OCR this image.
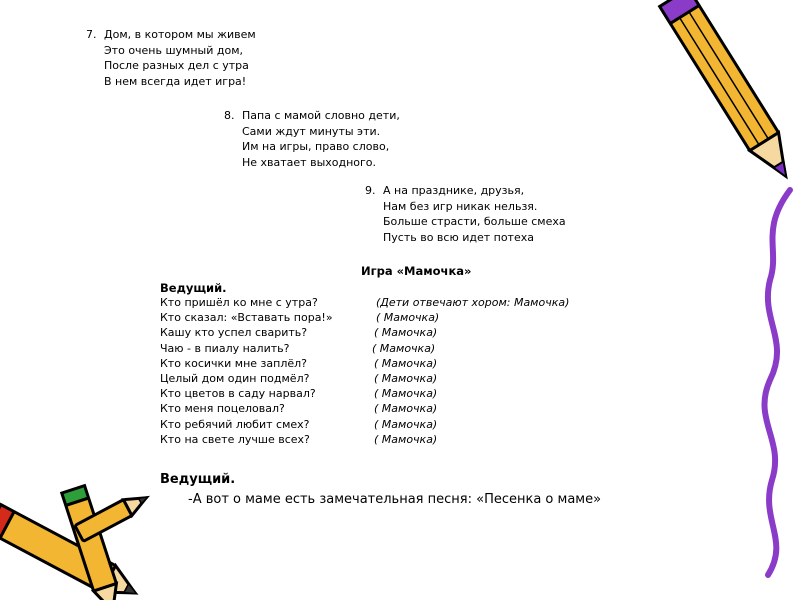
7. Дом, в котором мы живем
Это очень шумный дом,
После разных дел с утра
В нем всегда идет игра!
8. Папа с мамой словно дети,
Сами ждут минуты эти.
Им на игры, право слово,
Не хватает выходного.
9. А на празднике, друзья,
Нам без игр никак нельзя.
Больше страсти, больше смеха
Пусть во всю идет потеха
Игра «Мамочка»
Ведущий.
Кто пришёл ко мне с утра?	(Дети отвечают хором: Мамочка)
Кто сказал: «Вставать пора!»	( Мамочка)
Кашу кто успел сварить?	( Мамочка)
Чаю - в пиалу налить?	( Мамочка)
Кто косички мне заплёл?	( Мамочка)
Целый дом один подмёл?	( Мамочка)
Кто цветов в саду нарвал?	( Мамочка)
Кто меня поцеловал?	( Мамочка)
Кто ребячий любит смех?	( Мамочка)
Кто на свете лучше всех?	( Мамочка)
Ведущий.
-А вот о маме есть замечательная песня: «Песенка о маме»
